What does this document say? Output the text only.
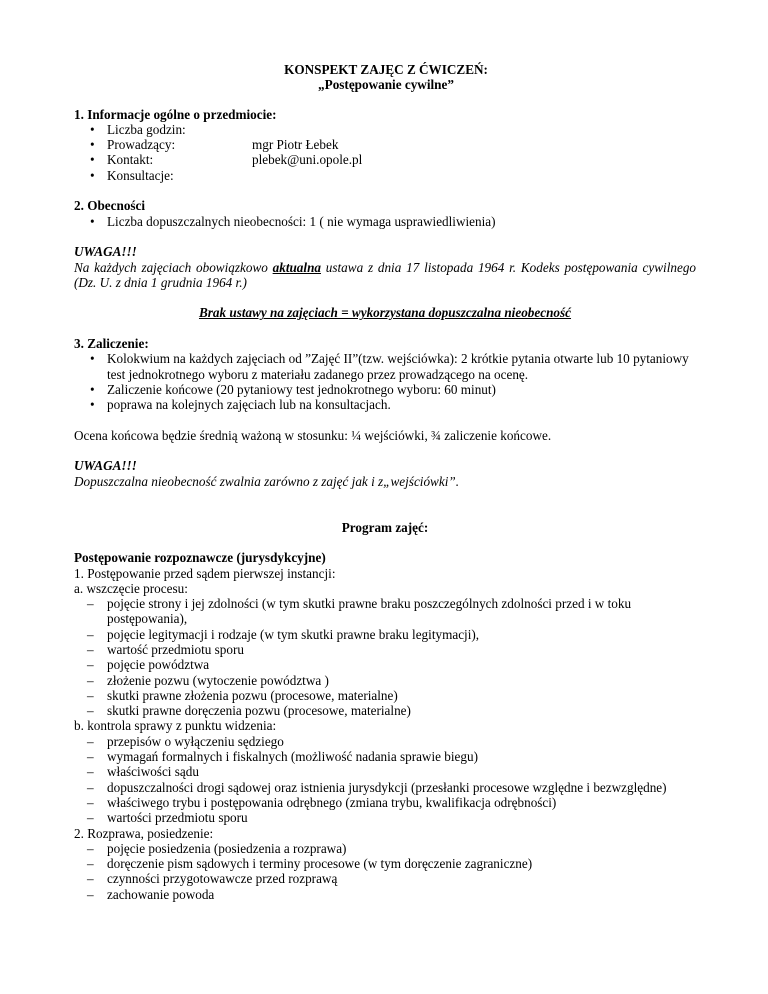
KONSPEKT ZAJĘC Z ĆWICZEŃ:
„Postępowanie cywilne”
1. Informacje ogólne o przedmiocie:
• Liczba godzin:
• Prowadzący:	mgr Piotr Łebek
• Kontakt:	plebek@uni.opole.pl
• Konsultacje:
2. Obecności
• Liczba dopuszczalnych nieobecności: 1 ( nie wymaga usprawiedliwienia)
UWAGA!!!
Na każdych zajęciach obowiązkowo aktualna ustawa z dnia 17 listopada 1964 r. Kodeks postępowania cywilnego (Dz. U. z dnia 1 grudnia 1964 r.)
Brak ustawy na zajęciach = wykorzystana dopuszczalna nieobecność
3. Zaliczenie:
• Kolokwium na każdych zajęciach od ”Zajęć II”(tzw. wejściówka): 2 krótkie pytania otwarte lub 10 pytaniowy test jednokrotnego wyboru z materiału zadanego przez prowadzącego na ocenę.
• Zaliczenie końcowe (20 pytaniowy test jednokrotnego wyboru: 60 minut)
• poprawa na kolejnych zajęciach lub na konsultacjach.
Ocena końcowa będzie średnią ważoną w stosunku: ¼ wejściówki, ¾ zaliczenie końcowe.
UWAGA!!!
Dopuszczalna nieobecność zwalnia zarówno z zajęć jak i z„wejściówki”.
Program zajęć:
Postępowanie rozpoznawcze (jurysdykcyjne)
1. Postępowanie przed sądem pierwszej instancji:
a. wszczęcie procesu:
– pojęcie strony i jej zdolności (w tym skutki prawne braku poszczególnych zdolności przed i w toku postępowania),
– pojęcie legitymacji i rodzaje (w tym skutki prawne braku legitymacji),
– wartość przedmiotu sporu
– pojęcie powództwa
– złożenie pozwu (wytoczenie powództwa )
– skutki prawne złożenia pozwu (procesowe, materialne)
– skutki prawne doręczenia pozwu (procesowe, materialne)
b. kontrola sprawy z punktu widzenia:
– przepisów o wyłączeniu sędziego
– wymagań formalnych i fiskalnych (możliwość nadania sprawie biegu)
– właściwości sądu
– dopuszczalności drogi sądowej oraz istnienia jurysdykcji (przesłanki procesowe względne i bezwzględne)
– właściwego trybu i postępowania odrębnego (zmiana trybu, kwalifikacja odrębności)
– wartości przedmiotu sporu
2. Rozprawa, posiedzenie:
– pojęcie posiedzenia (posiedzenia a rozprawa)
– doręczenie pism sądowych i terminy procesowe (w tym doręczenie zagraniczne)
– czynności przygotowawcze przed rozprawą
– zachowanie powoda
